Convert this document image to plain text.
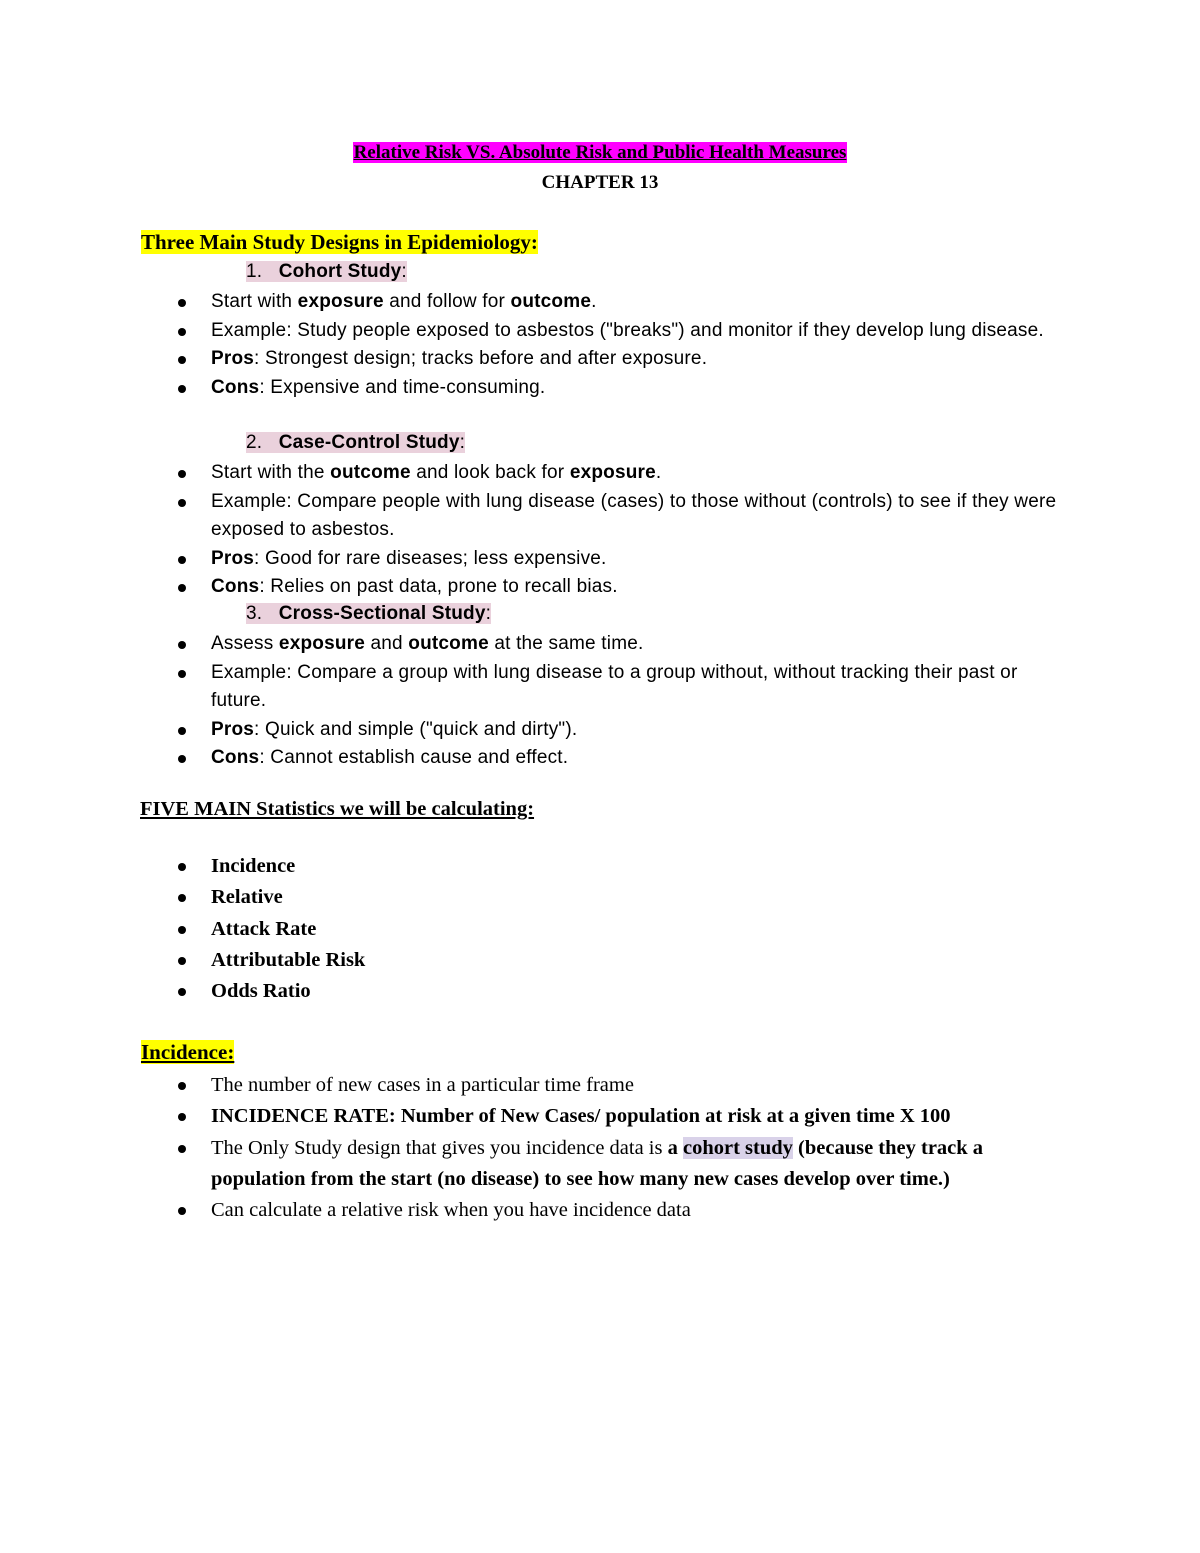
Relative Risk VS. Absolute Risk and Public Health Measures
CHAPTER 13
Three Main Study Designs in Epidemiology:
1. Cohort Study:
Start with exposure and follow for outcome.
Example: Study people exposed to asbestos ("breaks") and monitor if they develop lung disease.
Pros: Strongest design; tracks before and after exposure.
Cons: Expensive and time-consuming.
2. Case-Control Study:
Start with the outcome and look back for exposure.
Example: Compare people with lung disease (cases) to those without (controls) to see if they were exposed to asbestos.
Pros: Good for rare diseases; less expensive.
Cons: Relies on past data, prone to recall bias.
3. Cross-Sectional Study:
Assess exposure and outcome at the same time.
Example: Compare a group with lung disease to a group without, without tracking their past or future.
Pros: Quick and simple ("quick and dirty").
Cons: Cannot establish cause and effect.
FIVE MAIN Statistics we will be calculating:
Incidence
Relative
Attack Rate
Attributable Risk
Odds Ratio
Incidence:
The number of new cases in a particular time frame
INCIDENCE RATE: Number of New Cases/ population at risk at a given time X 100
The Only Study design that gives you incidence data is a cohort study (because they track a population from the start (no disease) to see how many new cases develop over time.)
Can calculate a relative risk when you have incidence data
